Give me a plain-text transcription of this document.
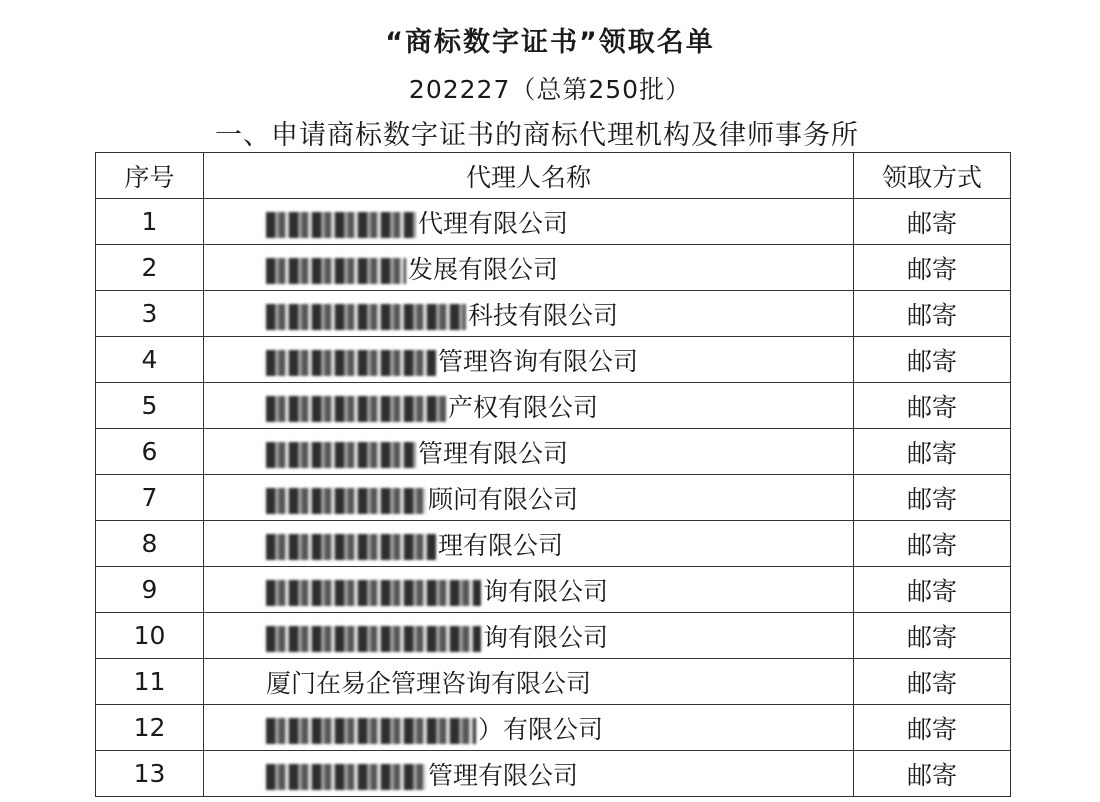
“商标数字证书”领取名单
202227（总第250批）
一、申请商标数字证书的商标代理机构及律师事务所
序号	代理人名称	领取方式
1	代理有限公司	邮寄
2	发展有限公司	邮寄
3	科技有限公司	邮寄
4	管理咨询有限公司	邮寄
5	产权有限公司	邮寄
6	管理有限公司	邮寄
7	顾问有限公司	邮寄
8	理有限公司	邮寄
9	询有限公司	邮寄
10	询有限公司	邮寄
11	厦门在易企管理咨询有限公司	邮寄
12	）有限公司	邮寄
13	管理有限公司	邮寄
